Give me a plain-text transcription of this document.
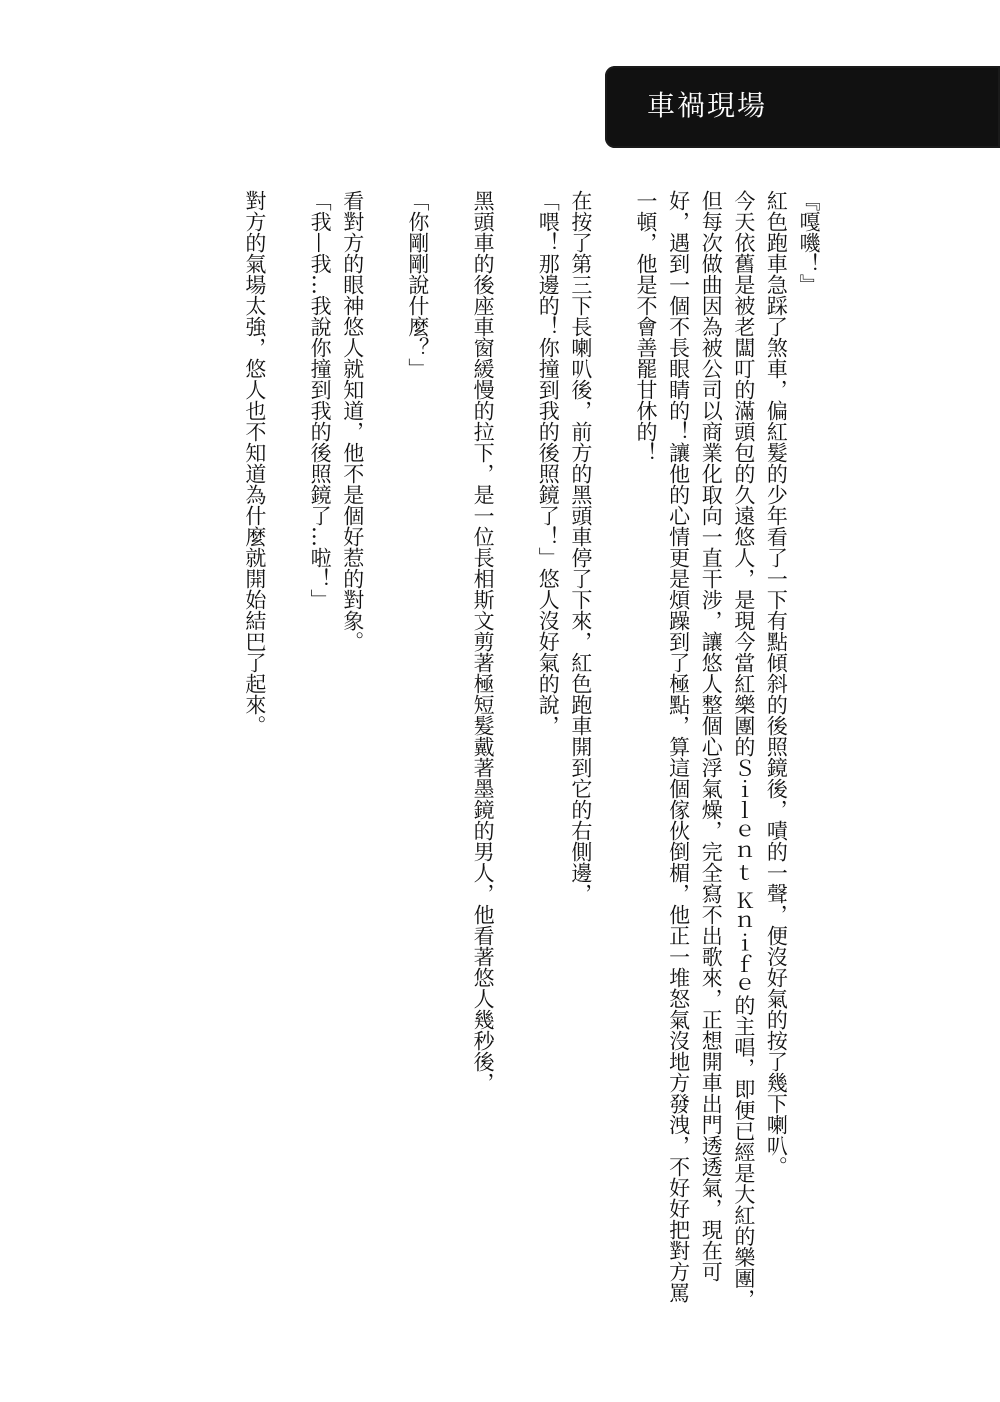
車禍現場

『嘎嘰！』

紅色跑車急踩了煞車，偏紅髮的少年看了一下有點傾斜的後照鏡後，嘖的一聲，便沒好氣的按了幾下喇叭。

今天依舊是被老闆叮的滿頭包的久遠悠人，是現今當紅樂團的Ｓｉｌｅｎｔ Ｋｎｉｆｅ的主唱，即便已經是大紅的樂團，但每次做曲因為被公司以商業化取向一直干涉，讓悠人整個心浮氣燥，完全寫不出歌來，正想開車出門透透氣，現在可好，遇到一個不長眼睛的！讓他的心情更是煩躁到了極點，算這個傢伙倒楣，他正一堆怒氣沒地方發洩，不好好把對方罵一頓，他是不會善罷甘休的！

在按了第三下長喇叭後，前方的黑頭車停了下來，紅色跑車開到它的右側邊，

「喂！那邊的！你撞到我的後照鏡了！」悠人沒好氣的說，

黑頭車的後座車窗緩慢的拉下，是一位長相斯文剪著極短髮戴著墨鏡的男人，他看著悠人幾秒後，

「你剛剛說什麼？」

看對方的眼神悠人就知道，他不是個好惹的對象。

「我—我…我說你撞到我的後照鏡了…啦！」

對方的氣場太強，悠人也不知道為什麼就開始結巴了起來。
